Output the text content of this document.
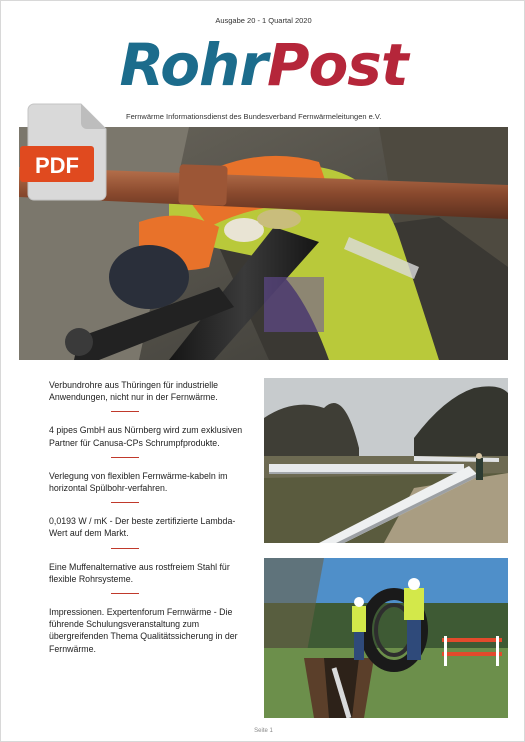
Ausgabe 20 - 1 Quartal 2020
RohrPost
Fernwärme Informationsdienst des Bundesverband Fernwärmeleitungen e.V.
PDF
Verbundrohre aus Thüringen für industrielle Anwendungen, nicht nur in der Fernwärme.
4 pipes GmbH aus Nürnberg wird zum exklusiven Partner für Canusa-CPs Schrumpfprodukte.
Verlegung von flexiblen Fernwärme-kabeln im horizontal Spülbohr-verfahren.
0,0193 W / mK - Der beste zertifizierte Lambda-Wert auf dem Markt.
Eine Muffenalternative aus rostfreiem Stahl für flexible Rohrsysteme.
Impressionen. Expertenforum Fernwärme - Die führende Schulungsveranstaltung zum übergreifenden Thema Qualitätssicherung in der Fernwärme.
Seite 1
